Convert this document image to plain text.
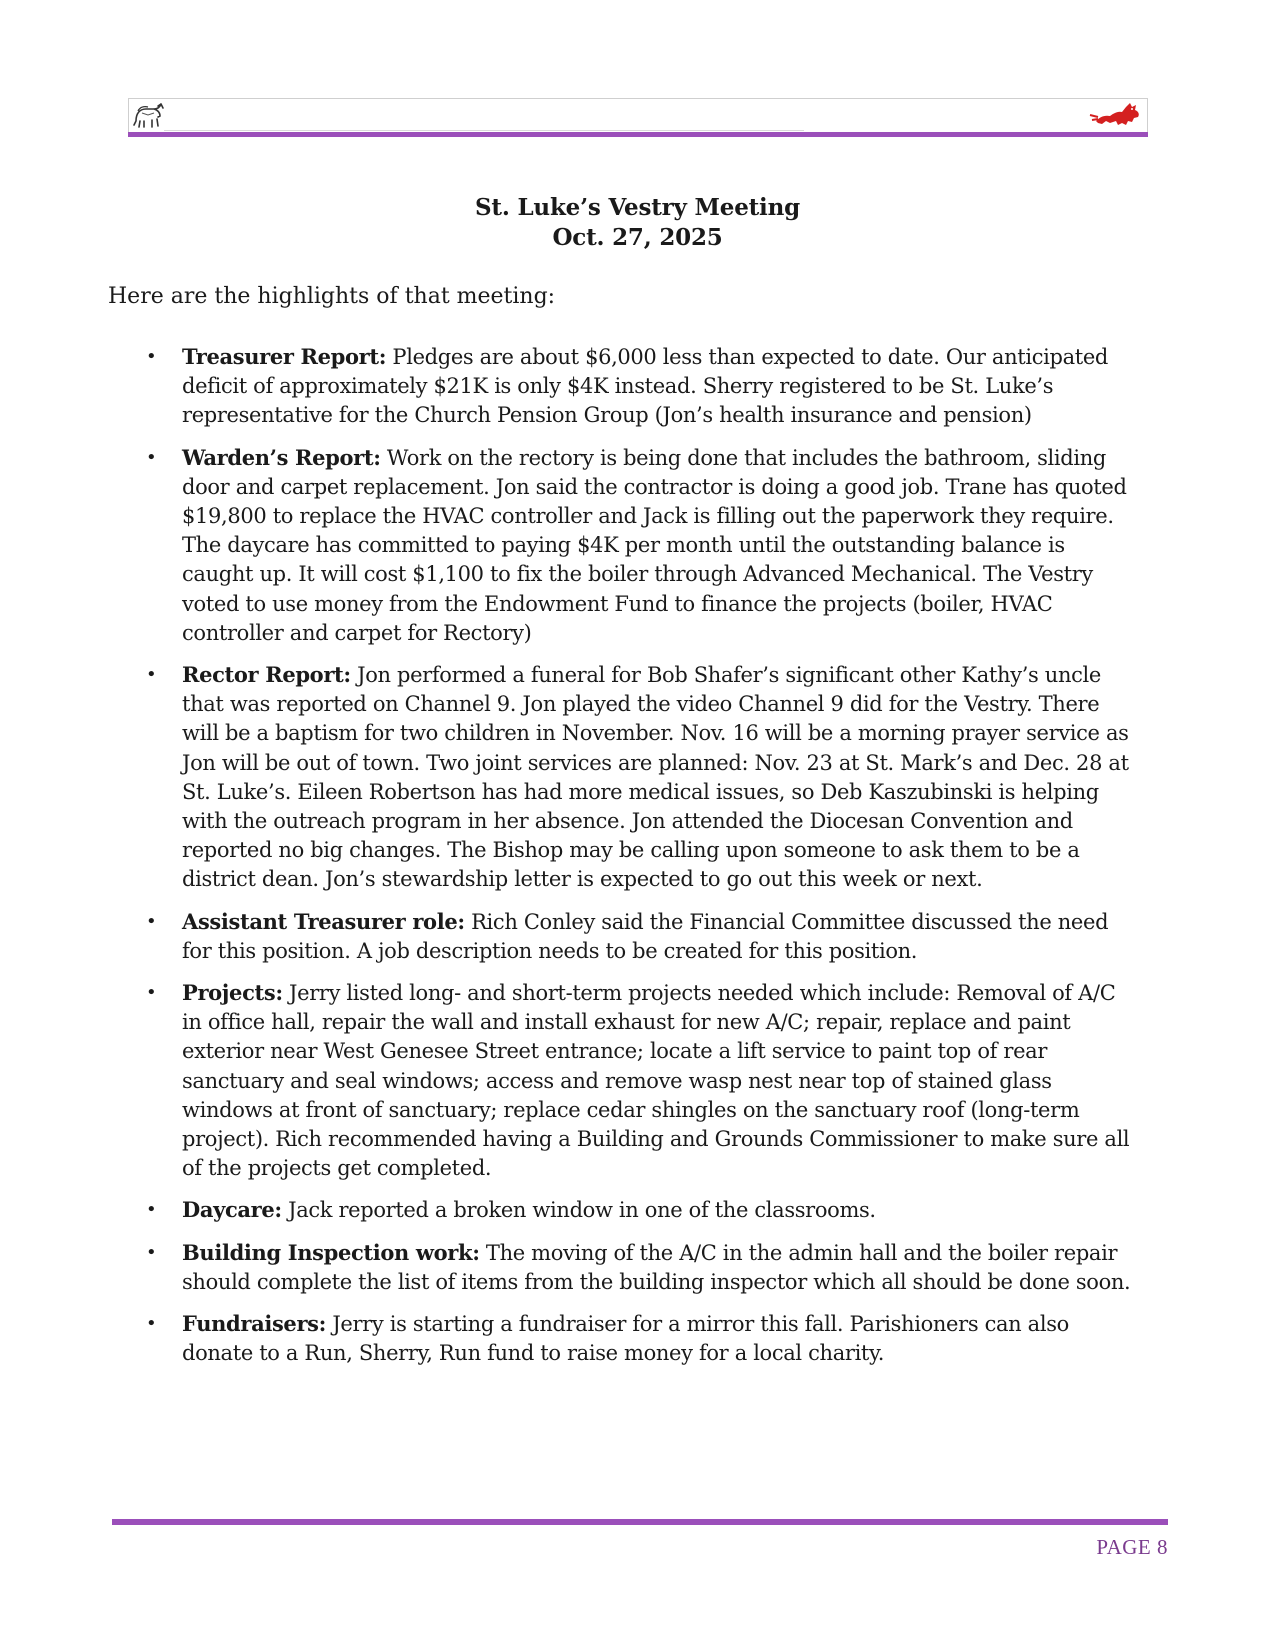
St. Luke’s Vestry Meeting
Oct. 27, 2025
Here are the highlights of that meeting:
• Treasurer Report: Pledges are about $6,000 less than expected to date. Our anticipated deficit of approximately $21K is only $4K instead. Sherry registered to be St. Luke’s representative for the Church Pension Group (Jon’s health insurance and pension)
• Warden’s Report: Work on the rectory is being done that includes the bathroom, sliding door and carpet replacement. Jon said the contractor is doing a good job. Trane has quoted $19,800 to replace the HVAC controller and Jack is filling out the paperwork they require. The daycare has committed to paying $4K per month until the outstanding balance is caught up. It will cost $1,100 to fix the boiler through Advanced Mechanical. The Vestry voted to use money from the Endowment Fund to finance the projects (boiler, HVAC controller and carpet for Rectory)
• Rector Report: Jon performed a funeral for Bob Shafer’s significant other Kathy’s uncle that was reported on Channel 9. Jon played the video Channel 9 did for the Vestry. There will be a baptism for two children in November. Nov. 16 will be a morning prayer service as Jon will be out of town. Two joint services are planned: Nov. 23 at St. Mark’s and Dec. 28 at St. Luke’s. Eileen Robertson has had more medical issues, so Deb Kaszubinski is helping with the outreach program in her absence. Jon attended the Diocesan Convention and reported no big changes. The Bishop may be calling upon someone to ask them to be a district dean. Jon’s stewardship letter is expected to go out this week or next.
• Assistant Treasurer role: Rich Conley said the Financial Committee discussed the need for this position. A job description needs to be created for this position.
• Projects: Jerry listed long- and short-term projects needed which include: Removal of A/C in office hall, repair the wall and install exhaust for new A/C; repair, replace and paint exterior near West Genesee Street entrance; locate a lift service to paint top of rear sanctuary and seal windows; access and remove wasp nest near top of stained glass windows at front of sanctuary; replace cedar shingles on the sanctuary roof (long-term project). Rich recommended having a Building and Grounds Commissioner to make sure all of the projects get completed.
• Daycare: Jack reported a broken window in one of the classrooms.
• Building Inspection work: The moving of the A/C in the admin hall and the boiler repair should complete the list of items from the building inspector which all should be done soon.
• Fundraisers: Jerry is starting a fundraiser for a mirror this fall. Parishioners can also donate to a Run, Sherry, Run fund to raise money for a local charity.
PAGE 8
